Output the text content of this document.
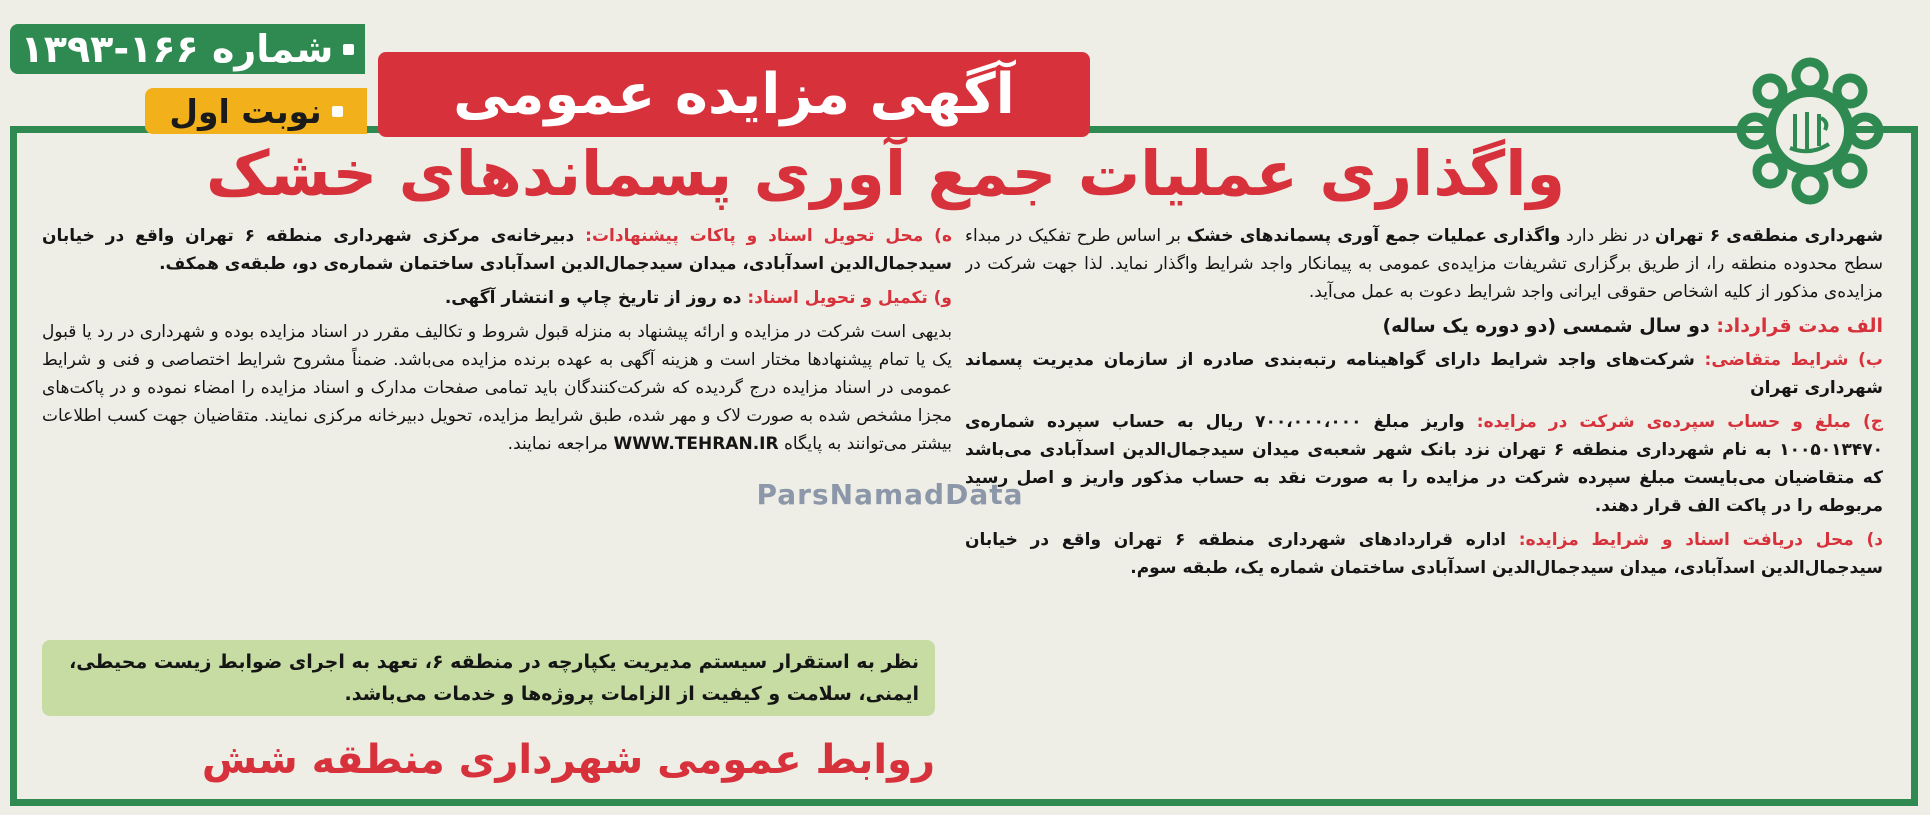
شماره ۱۶۶-۱۳۹۳
نوبت اول آگهی مزایده عمومی
واگذاری عملیات جمع آوری پسماندهای خشک

شهرداری منطقه‌ی ۶ تهران در نظر دارد واگذاری عملیات جمع آوری پسماندهای خشک بر اساس طرح تفکیک در مبداء سطح محدوده منطقه را، از طریق برگزاری تشریفات مزایده‌ی عمومی به پیمانکار واجد شرایط واگذار نماید. لذا جهت شرکت در مزایده‌ی مذکور از کلیه اشخاص حقوقی ایرانی واجد شرایط دعوت به عمل می‌آید.

الف مدت قرارداد: دو سال شمسی (دو دوره یک ساله)

ب) شرایط متقاضی: شرکت‌های واجد شرایط دارای گواهینامه رتبه‌بندی صادره از سازمان مدیریت پسماند شهرداری تهران

ج) مبلغ و حساب سپرده‌ی شرکت در مزایده: واریز مبلغ ۷۰۰،۰۰۰،۰۰۰ ریال به حساب سپرده شماره‌ی ۱۰۰۵۰۱۳۴۷۰ به نام شهرداری منطقه ۶ تهران نزد بانک شهر شعبه‌ی میدان سیدجمال‌الدین اسدآبادی می‌باشد که متقاضیان می‌بایست مبلغ سپرده شرکت در مزایده را به صورت نقد به حساب مذکور واریز و اصل رسید مربوطه را در پاکت الف قرار دهند.

د) محل دریافت اسناد و شرایط مزایده: اداره قراردادهای شهرداری منطقه ۶ تهران واقع در خیابان سیدجمال‌الدین اسدآبادی، میدان سیدجمال‌الدین اسدآبادی ساختمان شماره یک، طبقه سوم.

ه) محل تحویل اسناد و پاکات پیشنهادات: دبیرخانه‌ی مرکزی شهرداری منطقه ۶ تهران واقع در خیابان سیدجمال‌الدین اسدآبادی، میدان سیدجمال‌الدین اسدآبادی ساختمان شماره‌ی دو، طبقه‌ی همکف.

و) تکمیل و تحویل اسناد: ده روز از تاریخ چاپ و انتشار آگهی.

بدیهی است شرکت در مزایده و ارائه پیشنهاد به منزله قبول شروط و تکالیف مقرر در اسناد مزایده بوده و شهرداری در رد یا قبول یک یا تمام پیشنهادها مختار است و هزینه آگهی به عهده برنده مزایده می‌باشد. ضمناً مشروح شرایط اختصاصی و فنی و شرایط عمومی در اسناد مزایده درج گردیده که شرکت‌کنندگان باید تمامی صفحات مدارک و اسناد مزایده را امضاء نموده و در پاکت‌های مجزا مشخص شده به صورت لاک و مهر شده، طبق شرایط مزایده، تحویل دبیرخانه مرکزی نمایند. متقاضیان جهت کسب اطلاعات بیشتر می‌توانند به پایگاه WWW.TEHRAN.IR مراجعه نمایند.

نظر به استقرار سیستم مدیریت یکپارچه در منطقه ۶، تعهد به اجرای ضوابط زیست محیطی، ایمنی، سلامت و کیفیت از الزامات پروژه‌ها و خدمات می‌باشد.
روابط عمومی شهرداری منطقه شش
ParsNamadData
